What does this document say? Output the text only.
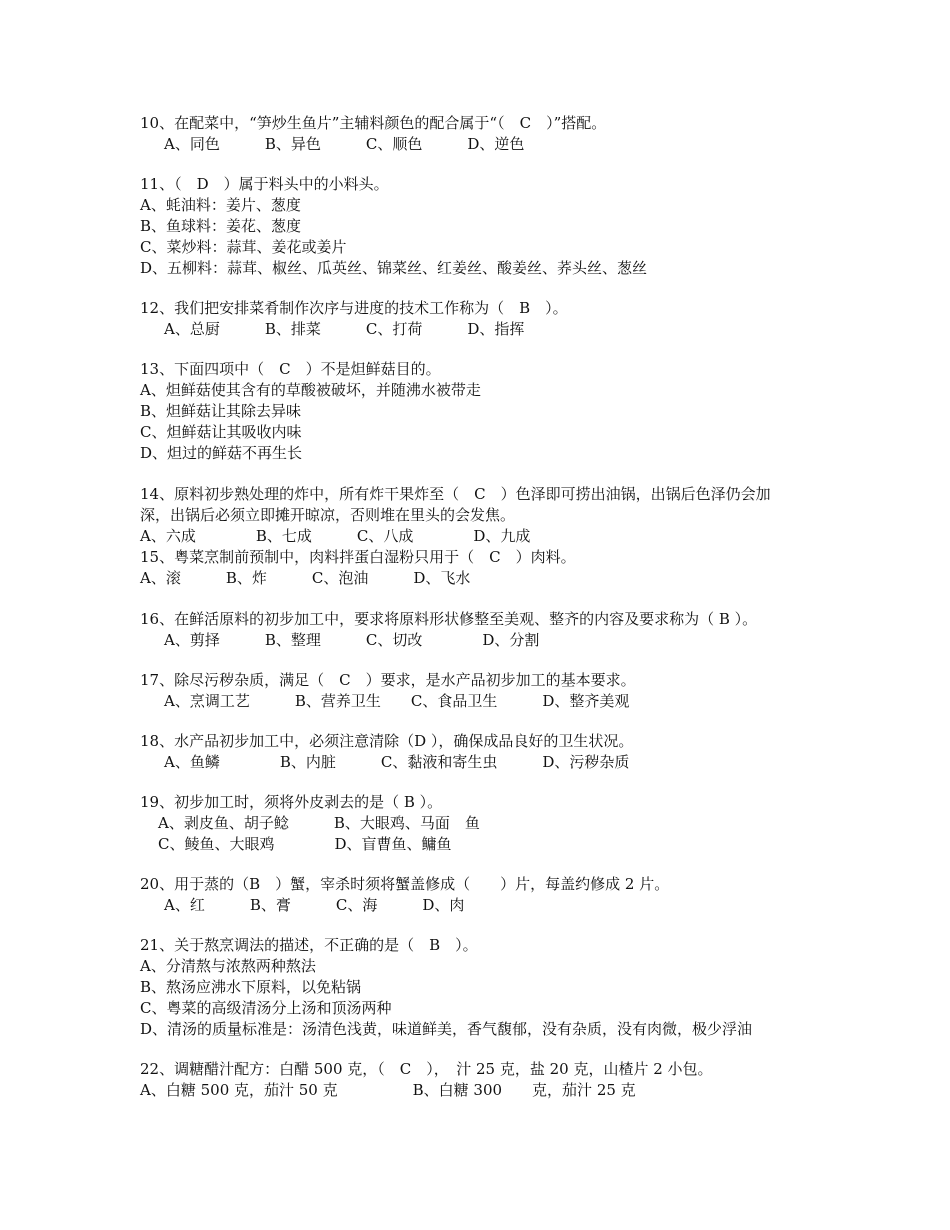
10、在配菜中，“笋炒生鱼片”主辅料颜色的配合属于“（　C　）”搭配。
A、同色　　　B、异色　　　C、顺色　　　D、逆色
11、（　D　）属于料头中的小料头。
A、蚝油料：姜片、葱度
B、鱼球料：姜花、葱度
C、菜炒料：蒜茸、姜花或姜片
D、五柳料：蒜茸、椒丝、瓜英丝、锦菜丝、红姜丝、酸姜丝、荞头丝、葱丝
12、我们把安排菜肴制作次序与进度的技术工作称为（　B　）。
A、总厨　　　B、排菜　　　C、打荷　　　D、指挥
13、下面四项中（　C　）不是炟鲜菇目的。
A、炟鲜菇使其含有的草酸被破坏，并随沸水被带走
B、炟鲜菇让其除去异味
C、炟鲜菇让其吸收内味
D、炟过的鲜菇不再生长
14、原料初步熟处理的炸中，所有炸干果炸至（　C　）色泽即可捞出油锅，出锅后色泽仍会加
深，出锅后必须立即摊开晾凉，否则堆在里头的会发焦。
A、六成　　　　B、七成　　　C、八成　　　　D、九成
15、粤菜烹制前预制中，肉料拌蛋白湿粉只用于（　C　）肉料。
A、滚　　　B、炸　　　C、泡油　　　D、飞水
16、在鲜活原料的初步加工中，要求将原料形状修整至美观、整齐的内容及要求称为（ B ）。
A、剪择　　　B、整理　　　C、切改　　　　D、分割
17、除尽污秽杂质，满足（　C　）要求，是水产品初步加工的基本要求。
A、烹调工艺　　　B、营养卫生　　C、食品卫生　　　D、整齐美观
18、水产品初步加工中，必须注意清除（D ），确保成品良好的卫生状况。
A、鱼鳞　　　　B、内脏　　　C、黏液和寄生虫　　　D、污秽杂质
19、初步加工时，须将外皮剥去的是（ B ）。
A、剥皮鱼、胡子鲶　　　B、大眼鸡、马面　鱼
C、鲮鱼、大眼鸡　　　　D、盲曹鱼、鳙鱼
20、用于蒸的（B　）蟹，宰杀时须将蟹盖修成（　　）片，每盖约修成 2 片。
A、红　　　B、膏　　　C、海　　　D、肉
21、关于熬烹调法的描述，不正确的是（　B　）。
A、分清熬与浓熬两种熬法
B、熬汤应沸水下原料，以免粘锅
C、粤菜的高级清汤分上汤和顶汤两种
D、清汤的质量标准是：汤清色浅黄，味道鲜美，香气馥郁，没有杂质，没有肉微，极少浮油
22、调糖醋汁配方：白醋 500 克，（　C　），　汁 25 克，盐 20 克，山楂片 2 小包。
A、白糖 500 克，茄汁 50 克　　　　　B、白糖 300　　克，茄汁 25 克
